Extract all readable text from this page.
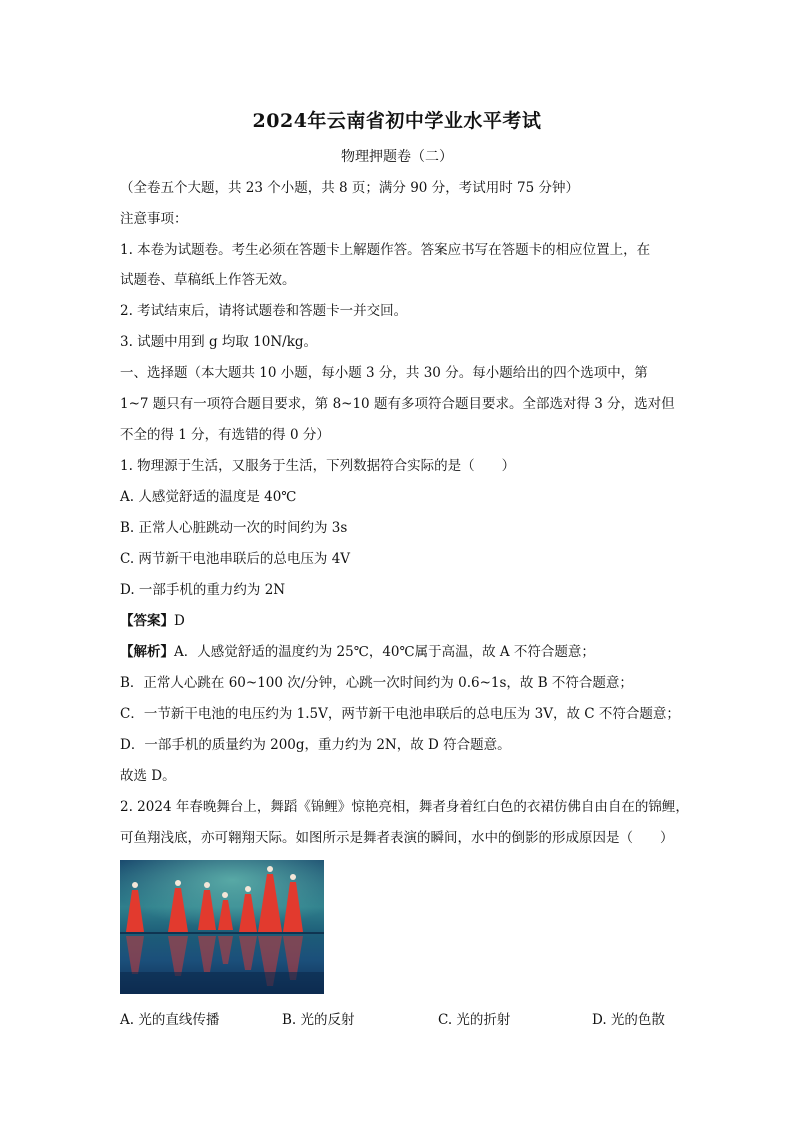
2024年云南省初中学业水平考试
物理押题卷（二）
（全卷五个大题，共 23 个小题，共 8 页；满分 90 分，考试用时 75 分钟）
注意事项：
1. 本卷为试题卷。考生必须在答题卡上解题作答。答案应书写在答题卡的相应位置上，在
试题卷、草稿纸上作答无效。
2. 考试结束后，请将试题卷和答题卡一并交回。
3. 试题中用到 g 均取 10N/kg。
一、选择题（本大题共 10 小题，每小题 3 分，共 30 分。每小题给出的四个选项中，第
1~7 题只有一项符合题目要求，第 8~10 题有多项符合题目要求。全部选对得 3 分，选对但
不全的得 1 分，有选错的得 0 分）
1. 物理源于生活，又服务于生活，下列数据符合实际的是（　　）
A. 人感觉舒适的温度是 40℃
B. 正常人心脏跳动一次的时间约为 3s
C. 两节新干电池串联后的总电压为 4V
D. 一部手机的重力约为 2N
【答案】D
【解析】A．人感觉舒适的温度约为 25℃，40℃属于高温，故 A 不符合题意；
B．正常人心跳在 60~100 次/分钟，心跳一次时间约为 0.6~1s，故 B 不符合题意；
C．一节新干电池的电压约为 1.5V，两节新干电池串联后的总电压为 3V，故 C 不符合题意；
D．一部手机的质量约为 200g，重力约为 2N，故 D 符合题意。
故选 D。
2. 2024 年春晚舞台上，舞蹈《锦鲤》惊艳亮相，舞者身着红白色的衣裙仿佛自由自在的锦鲤，
可鱼翔浅底，亦可翱翔天际。如图所示是舞者表演的瞬间，水中的倒影的形成原因是（　　）
A. 光的直线传播	B. 光的反射	C. 光的折射	D. 光的色散
